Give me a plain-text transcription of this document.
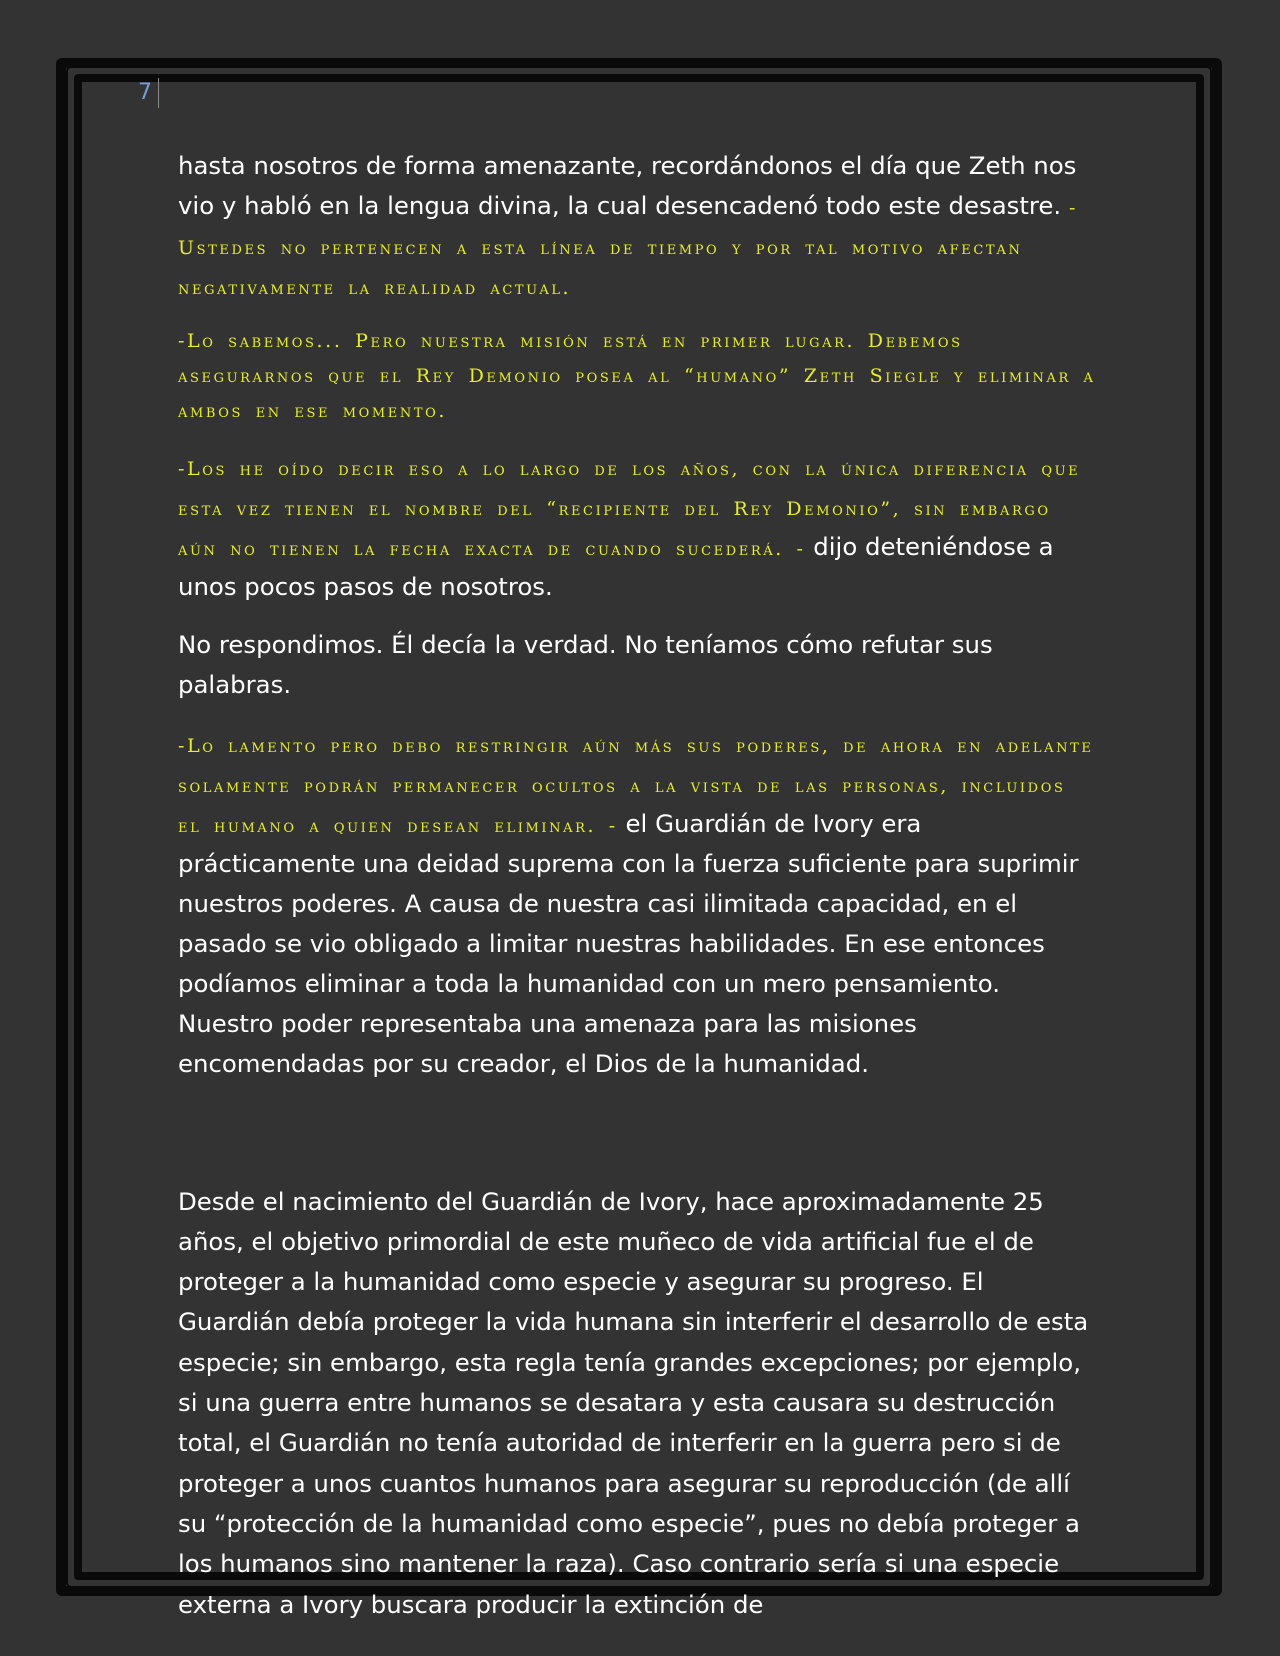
7

hasta nosotros de forma amenazante, recordándonos el día que Zeth nos vio y habló en la lengua divina, la cual desencadenó todo este desastre. -Ustedes no pertenecen a esta línea de tiempo y por tal motivo afectan negativamente la realidad actual.

-Lo sabemos... Pero nuestra misión está en primer lugar. Debemos asegurarnos que el Rey Demonio posea al “humano” Zeth Siegle y eliminar a ambos en ese momento.

-Los he oído decir eso a lo largo de los años, con la única diferencia que esta vez tienen el nombre del “recipiente del Rey Demonio”, sin embargo aún no tienen la fecha exacta de cuando sucederá. - dijo deteniéndose a unos pocos pasos de nosotros.

No respondimos. Él decía la verdad. No teníamos cómo refutar sus palabras.

-Lo lamento pero debo restringir aún más sus poderes, de ahora en adelante solamente podrán permanecer ocultos a la vista de las personas, incluidos el humano a quien desean eliminar. - el Guardián de Ivory era prácticamente una deidad suprema con la fuerza suficiente para suprimir nuestros poderes. A causa de nuestra casi ilimitada capacidad, en el pasado se vio obligado a limitar nuestras habilidades. En ese entonces podíamos eliminar a toda la humanidad con un mero pensamiento. Nuestro poder representaba una amenaza para las misiones encomendadas por su creador, el Dios de la humanidad.

Desde el nacimiento del Guardián de Ivory, hace aproximadamente 25 años, el objetivo primordial de este muñeco de vida artificial fue el de proteger a la humanidad como especie y asegurar su progreso. El Guardián debía proteger la vida humana sin interferir el desarrollo de esta especie; sin embargo, esta regla tenía grandes excepciones; por ejemplo, si una guerra entre humanos se desatara y esta causara su destrucción total, el Guardián no tenía autoridad de interferir en la guerra pero si de proteger a unos cuantos humanos para asegurar su reproducción (de allí su “protección de la humanidad como especie”, pues no debía proteger a los humanos sino mantener la raza). Caso contrario sería si una especie externa a Ivory buscara producir la extinción de
